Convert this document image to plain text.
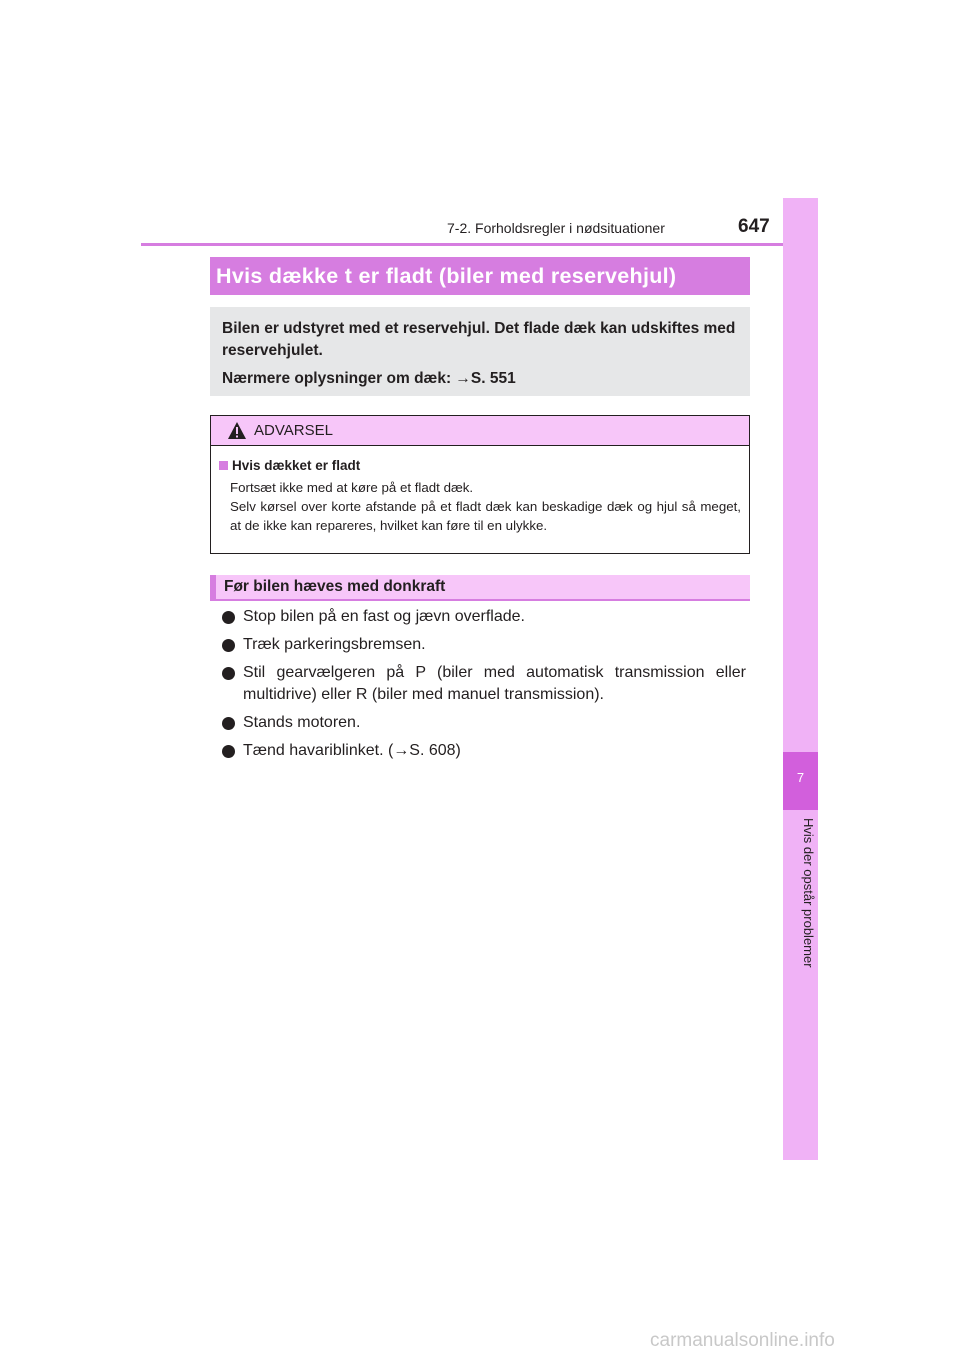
7-2. Forholdsregler i nødsituationer	647
7
Hvis der opstår problemer
Hvis dække t er fladt (biler med reservehjul)

Bilen er udstyret med et reservehjul. Det flade dæk kan udskiftes med reservehjulet.

Nærmere oplysninger om dæk: →S. 551

ADVARSEL
Hvis dækket er fladt
Fortsæt ikke med at køre på et fladt dæk.
Selv kørsel over korte afstande på et fladt dæk kan beskadige dæk og hjul så meget, at de ikke kan repareres, hvilket kan føre til en ulykke.
Før bilen hæves med donkraft
Stop bilen på en fast og jævn overflade.
Træk parkeringsbremsen.
Stil gearvælgeren på P (biler med automatisk transmission eller multidrive) eller R (biler med manuel transmission).
Stands motoren.
Tænd havariblinket. (→S. 608)
carmanualsonline.info
